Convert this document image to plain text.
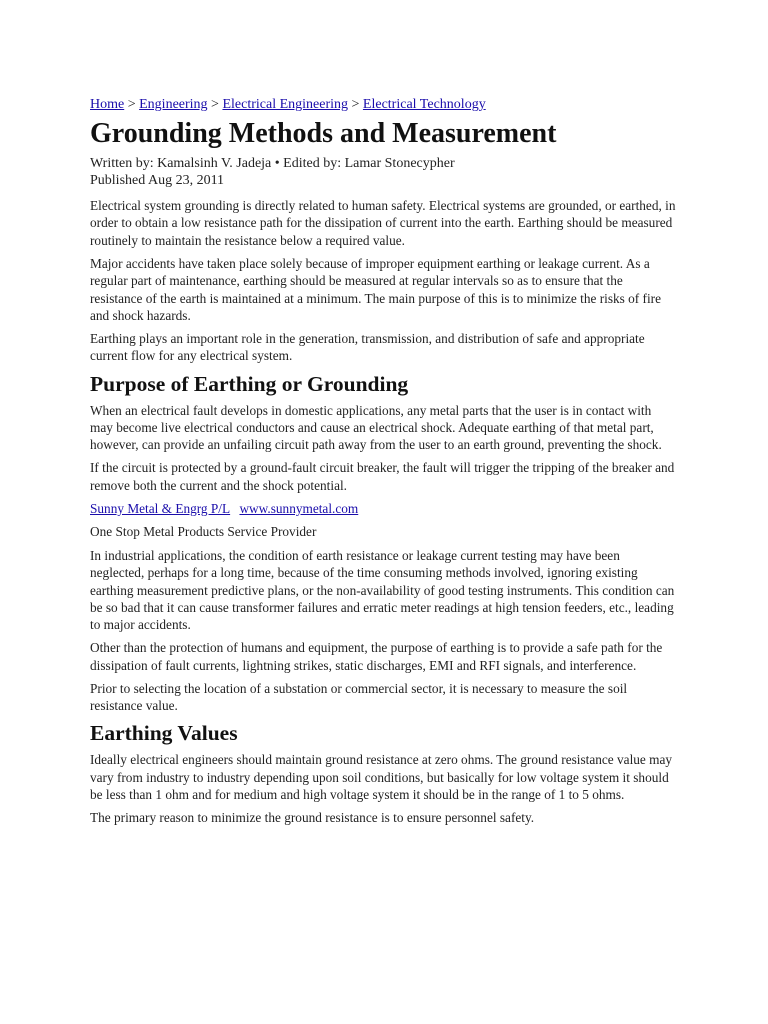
Home > Engineering > Electrical Engineering > Electrical Technology
Grounding Methods and Measurement
Written by: Kamalsinh V. Jadeja • Edited by: Lamar Stonecypher
Published Aug 23, 2011

Electrical system grounding is directly related to human safety. Electrical systems are grounded, or earthed, in order to obtain a low resistance path for the dissipation of current into the earth. Earthing should be measured routinely to maintain the resistance below a required value.

Major accidents have taken place solely because of improper equipment earthing or leakage current. As a regular part of maintenance, earthing should be measured at regular intervals so as to ensure that the resistance of the earth is maintained at a minimum. The main purpose of this is to minimize the risks of fire and shock hazards.

Earthing plays an important role in the generation, transmission, and distribution of safe and appropriate current flow for any electrical system.

Purpose of Earthing or Grounding

When an electrical fault develops in domestic applications, any metal parts that the user is in contact with may become live electrical conductors and cause an electrical shock. Adequate earthing of that metal part, however, can provide an unfailing circuit path away from the user to an earth ground, preventing the shock.

If the circuit is protected by a ground-fault circuit breaker, the fault will trigger the tripping of the breaker and remove both the current and the shock potential.

Sunny Metal & Engrg P/L www.sunnymetal.com
One Stop Metal Products Service Provider

In industrial applications, the condition of earth resistance or leakage current testing may have been neglected, perhaps for a long time, because of the time consuming methods involved, ignoring existing earthing measurement predictive plans, or the non-availability of good testing instruments. This condition can be so bad that it can cause transformer failures and erratic meter readings at high tension feeders, etc., leading to major accidents.

Other than the protection of humans and equipment, the purpose of earthing is to provide a safe path for the dissipation of fault currents, lightning strikes, static discharges, EMI and RFI signals, and interference.

Prior to selecting the location of a substation or commercial sector, it is necessary to measure the soil resistance value.

Earthing Values

Ideally electrical engineers should maintain ground resistance at zero ohms. The ground resistance value may vary from industry to industry depending upon soil conditions, but basically for low voltage system it should be less than 1 ohm and for medium and high voltage system it should be in the range of 1 to 5 ohms.

The primary reason to minimize the ground resistance is to ensure personnel safety.
